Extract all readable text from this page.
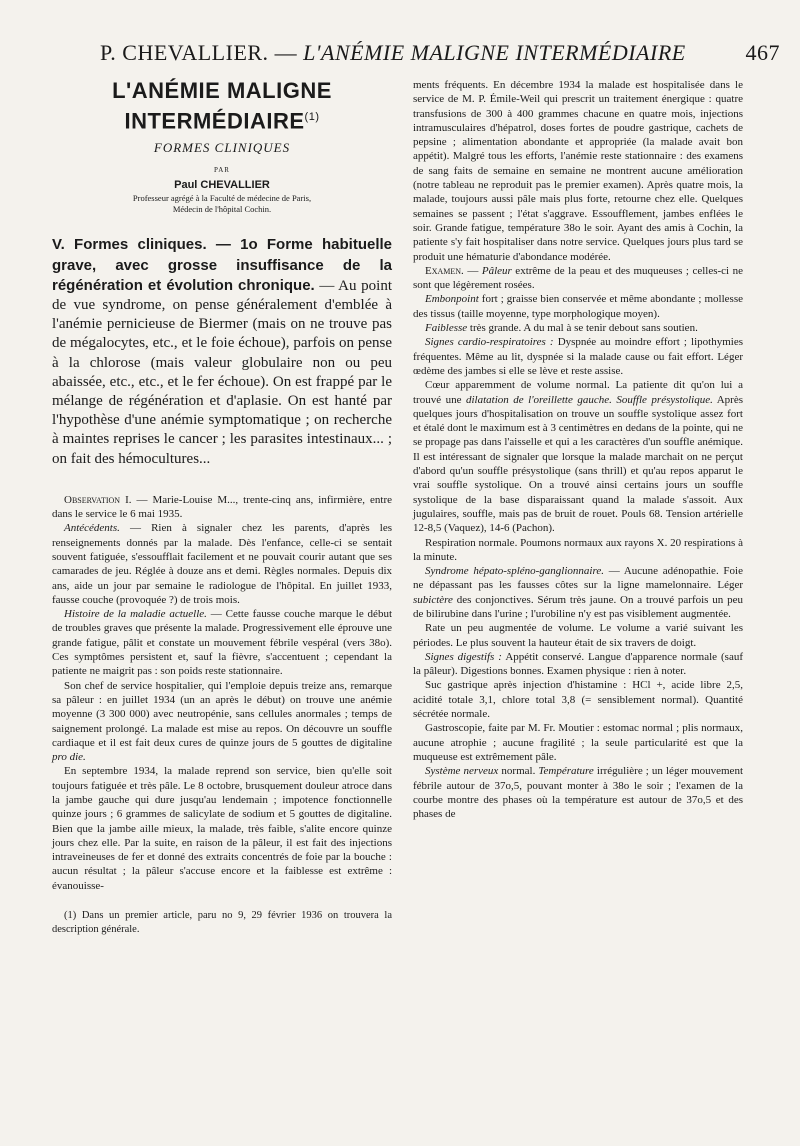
P. CHEVALLIER. — L'ANÉMIE MALIGNE INTERMÉDIAIRE	467
L'ANÉMIE MALIGNE
INTERMÉDIAIRE$^{(1)}$
FORMES CLINIQUES
PAR
Paul CHEVALLIER
Professeur agrégé à la Faculté de médecine de Paris,
Médecin de l'hôpital Cochin.

V. Formes cliniques. — 1o Forme habituelle grave, avec grosse insuffisance de la régénération et évolution chronique. — Au point de vue syndrome, on pense généralement d'emblée à l'anémie pernicieuse de Biermer (mais on ne trouve pas de mégalocytes, etc., et le foie échoue), parfois on pense à la chlorose (mais valeur globulaire non ou peu abaissée, etc., etc., et le fer échoue). On est frappé par le mélange de régénération et d'aplasie. On est hanté par l'hypothèse d'une anémie symptomatique ; on recherche à maintes reprises le cancer ; les parasites intestinaux... ; on fait des hémocultures...

Observation I. — Marie-Louise M..., trente-cinq ans, infirmière, entre dans le service le 6 mai 1935.

Antécédents. — Rien à signaler chez les parents, d'après les renseignements donnés par la malade. Dès l'enfance, celle-ci se sentait souvent fatiguée, s'essoufflait facilement et ne pouvait courir autant que ses camarades de jeu. Réglée à douze ans et demi. Règles normales. Depuis dix ans, aide un jour par semaine le radiologue de l'hôpital. En juillet 1933, fausse couche (provoquée ?) de trois mois.

Histoire de la maladie actuelle. — Cette fausse couche marque le début de troubles graves que présente la malade. Progressivement elle éprouve une grande fatigue, pâlit et constate un mouvement fébrile vespéral (vers 38o). Ces symptômes persistent et, sauf la fièvre, s'accentuent ; cependant la patiente ne maigrit pas : son poids reste stationnaire.

Son chef de service hospitalier, qui l'emploie depuis treize ans, remarque sa pâleur : en juillet 1934 (un an après le début) on trouve une anémie moyenne (3 300 000) avec neutropénie, sans cellules anormales ; temps de saignement prolongé. La malade est mise au repos. On découvre un souffle cardiaque et il est fait deux cures de quinze jours de 5 gouttes de digitaline pro die.

En septembre 1934, la malade reprend son service, bien qu'elle soit toujours fatiguée et très pâle. Le 8 octobre, brusquement douleur atroce dans la jambe gauche qui dure jusqu'au lendemain ; impotence fonctionnelle quinze jours ; 6 grammes de salicylate de sodium et 5 gouttes de digitaline. Bien que la jambe aille mieux, la malade, très faible, s'alite encore quinze jours chez elle. Par la suite, en raison de la pâleur, il est fait des injections intraveineuses de fer et donné des extraits concentrés de foie par la bouche : aucun résultat ; la pâleur s'accuse encore et la faiblesse est extrême : évanouisse-

(1) Dans un premier article, paru no 9, 29 février 1936 on trouvera la description générale.

ments fréquents. En décembre 1934 la malade est hospitalisée dans le service de M. P. Émile-Weil qui prescrit un traitement énergique : quatre transfusions de 300 à 400 grammes chacune en quatre mois, injections intramusculaires d'hépatrol, doses fortes de poudre gastrique, cachets de pepsine ; alimentation abondante et appropriée (la malade avait bon appétit). Malgré tous les efforts, l'anémie reste stationnaire : des examens de sang faits de semaine en semaine ne montrent aucune amélioration (notre tableau ne reproduit pas le premier examen). Après quatre mois, la malade, toujours aussi pâle mais plus forte, retourne chez elle. Quelques semaines se passent ; l'état s'aggrave. Essoufflement, jambes enflées le soir. Grande fatigue, température 38o le soir. Ayant des amis à Cochin, la patiente s'y fait hospitaliser dans notre service. Quelques jours plus tard se produit une hématurie d'abondance modérée.

Examen. — Pâleur extrême de la peau et des muqueuses ; celles-ci ne sont que légèrement rosées.

Embonpoint fort ; graisse bien conservée et même abondante ; mollesse des tissus (taille moyenne, type morphologique moyen).

Faiblesse très grande. A du mal à se tenir debout sans soutien.

Signes cardio-respiratoires : Dyspnée au moindre effort ; lipothymies fréquentes. Même au lit, dyspnée si la malade cause ou fait effort. Léger œdème des jambes si elle se lève et reste assise.

Cœur apparemment de volume normal. La patiente dit qu'on lui a trouvé une dilatation de l'oreillette gauche. Souffle présystolique. Après quelques jours d'hospitalisation on trouve un souffle systolique assez fort et étalé dont le maximum est à 3 centimètres en dedans de la pointe, qui ne se propage pas dans l'aisselle et qui a les caractères d'un souffle anémique. Il est intéressant de signaler que lorsque la malade marchait on ne perçut d'abord qu'un souffle présystolique (sans thrill) et qu'au repos apparut le vrai souffle systolique. On a trouvé ainsi certains jours un souffle systolique de la base disparaissant quand la malade s'assoit. Aux jugulaires, souffle, mais pas de bruit de rouet. Pouls 68. Tension artérielle 12-8,5 (Vaquez), 14-6 (Pachon).

Respiration normale. Poumons normaux aux rayons X. 20 respirations à la minute.

Syndrome hépato-spléno-ganglionnaire. — Aucune adénopathie. Foie ne dépassant pas les fausses côtes sur la ligne mamelonnaire. Léger subictère des conjonctives. Sérum très jaune. On a trouvé parfois un peu de bilirubine dans l'urine ; l'urobiline n'y est pas visiblement augmentée.

Rate un peu augmentée de volume. Le volume a varié suivant les périodes. Le plus souvent la hauteur était de six travers de doigt.

Signes digestifs : Appétit conservé. Langue d'apparence normale (sauf la pâleur). Digestions bonnes. Examen physique : rien à noter.

Suc gastrique après injection d'histamine : HCl +, acide libre 2,5, acidité totale 3,1, chlore total 3,8 (= sensiblement normal). Quantité sécrétée normale.

Gastroscopie, faite par M. Fr. Moutier : estomac normal ; plis normaux, aucune atrophie ; aucune fragilité ; la seule particularité est que la muqueuse est extrêmement pâle.

Système nerveux normal. Température irrégulière ; un léger mouvement fébrile autour de 37o,5, pouvant monter à 38o le soir ; l'examen de la courbe montre des phases où la température est autour de 37o,5 et des phases de
